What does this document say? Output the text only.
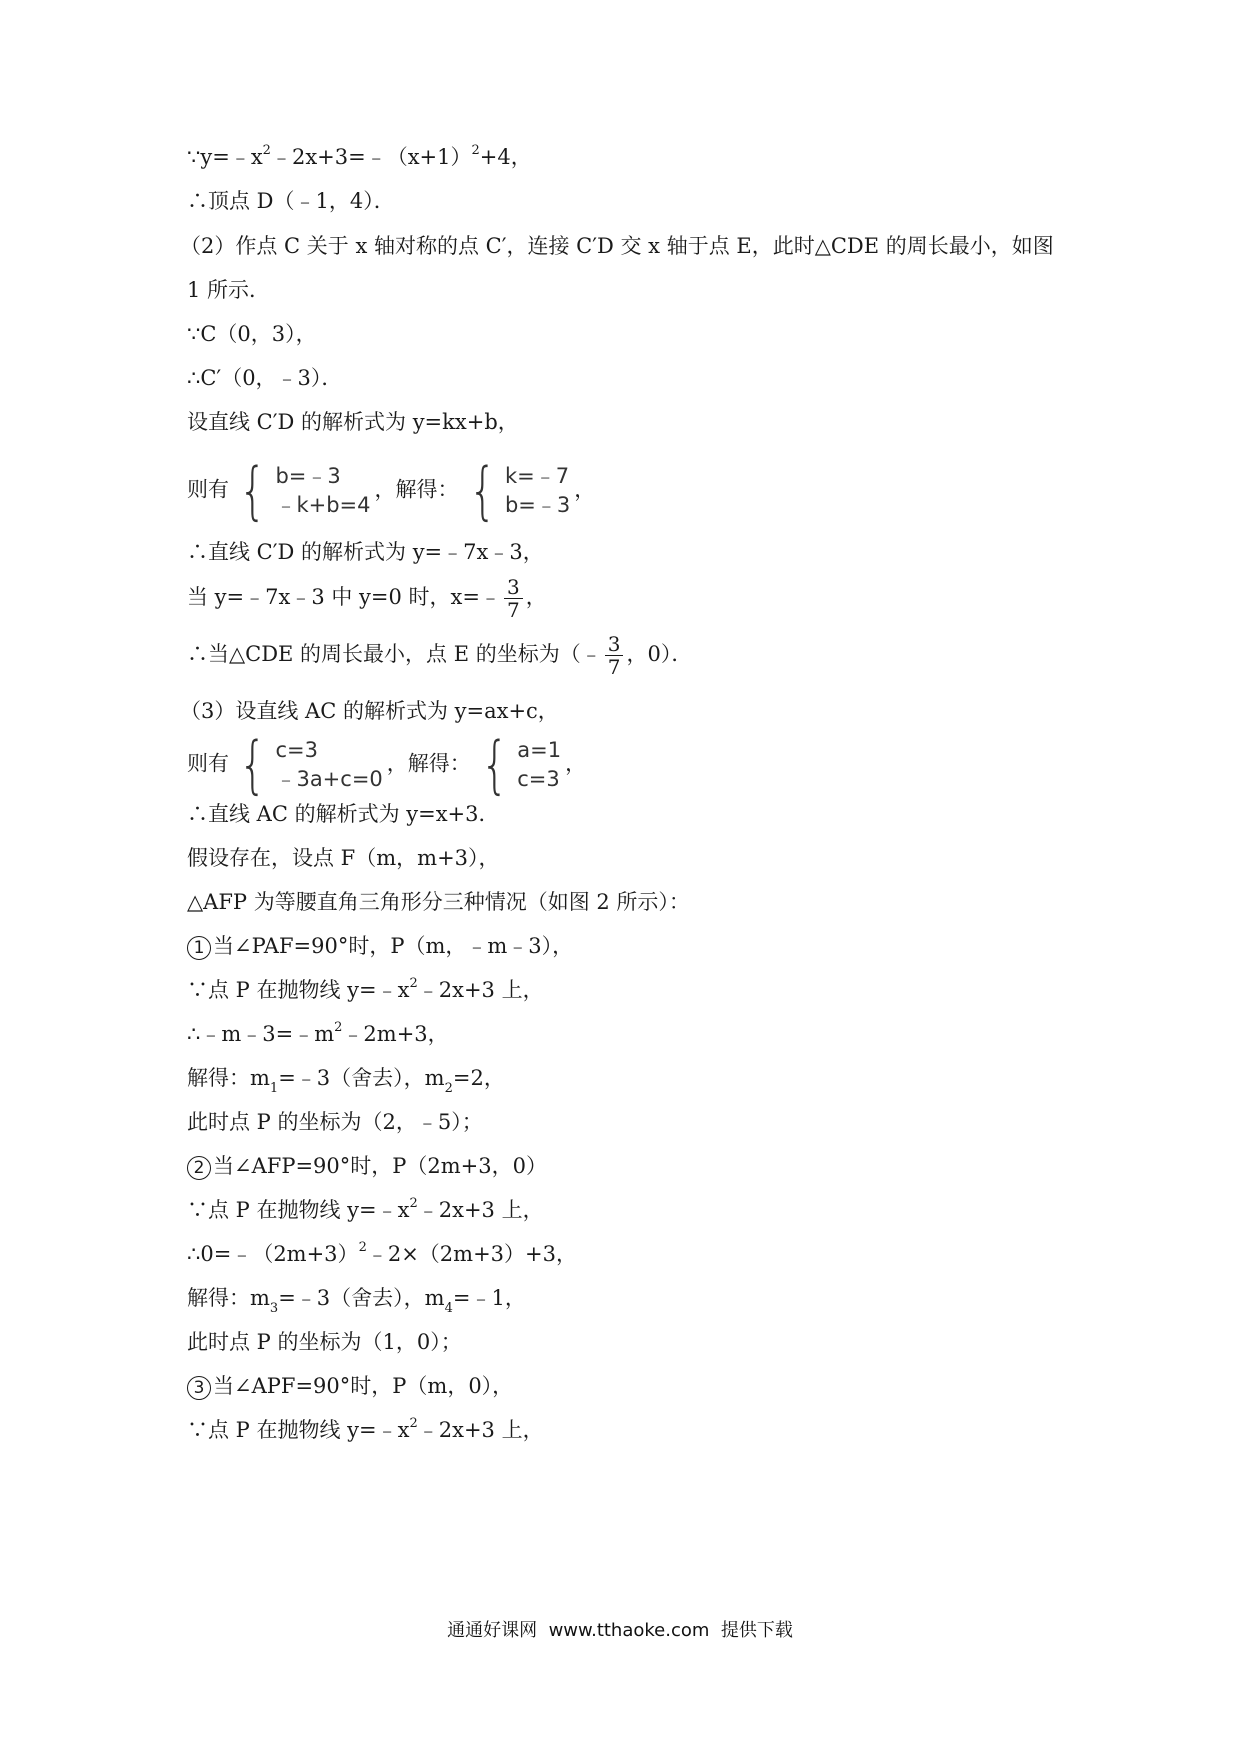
$\because y=﹣x^2﹣2x+3=﹣(x+1)^2+4$，
∴顶点 D（﹣1，4）．
（2）作点 C 关于 x 轴对称的点 C′，连接 C′D 交 x 轴于点 E，此时△CDE 的周长最小，如图
1 所示．
∵C（0，3），
∴C′（0，﹣3）．
设直线 C′D 的解析式为 y=kx+b，
则有 { b=﹣3
﹣k+b=4
，解得： { k=﹣7
b=﹣3
，
∴直线 C′D 的解析式为 y=﹣7x﹣3，
当 y=﹣7x﹣3 中 y=0 时，x=﹣ $\frac{3}{7}$ ，
∴当△CDE 的周长最小，点 E 的坐标为（﹣ $\frac{3}{7}$ ，0）．
（3）设直线 AC 的解析式为 y=ax+c，
则有 { c=3
﹣3a+c=0
，解得： { a=1
c=3
，
∴直线 AC 的解析式为 y=x+3．
假设存在，设点 F（m，m+3），
△AFP 为等腰直角三角形分三种情况（如图 2 所示）：
1 当∠PAF=90°时，P（m，﹣m﹣3），
∵点 P 在抛物线 $y=﹣x^2﹣2x+3$ 上，
$\therefore﹣m﹣3=﹣m^2﹣2m+3$，
解得：$m_1=﹣3$（舍去），$m_2=2$，
此时点 P 的坐标为（2，﹣5）；
2 当∠AFP=90°时，P（2m+3，0）
∵点 P 在抛物线 $y=﹣x^2﹣2x+3$ 上，
$\therefore 0=﹣(2m+3)^2﹣2\times(2m+3)+3$，
解得：$m_3=﹣3$（舍去），$m_4=﹣1$，
此时点 P 的坐标为（1，0）；
3 当∠APF=90°时，P（m，0），
∵点 P 在抛物线 $y=﹣x^2﹣2x+3$ 上，
通通好课网  www.tthaoke.com  提供下载
